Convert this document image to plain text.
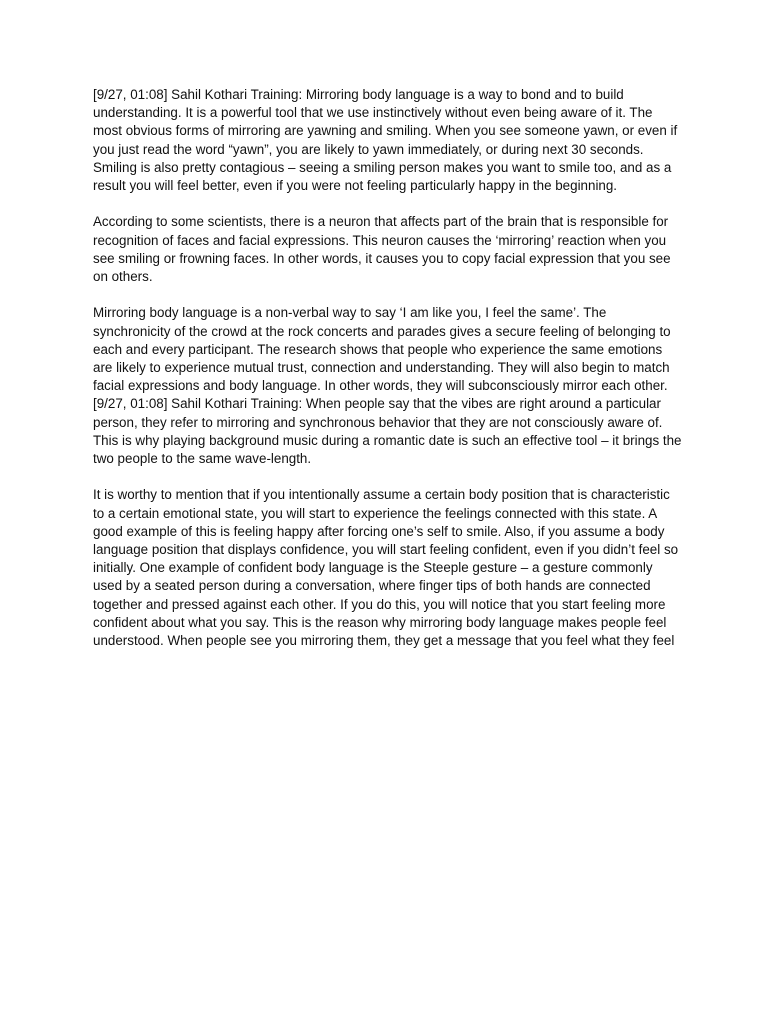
[9/27, 01:08] Sahil Kothari Training: Mirroring body language is a way to bond and to build understanding. It is a powerful tool that we use instinctively without even being aware of it. The most obvious forms of mirroring are yawning and smiling. When you see someone yawn, or even if you just read the word “yawn”, you are likely to yawn immediately, or during next 30 seconds. Smiling is also pretty contagious – seeing a smiling person makes you want to smile too, and as a result you will feel better, even if you were not feeling particularly happy in the beginning.

According to some scientists, there is a neuron that affects part of the brain that is responsible for recognition of faces and facial expressions. This neuron causes the ‘mirroring’ reaction when you see smiling or frowning faces. In other words, it causes you to copy facial expression that you see on others.

Mirroring body language is a non-verbal way to say ‘I am like you, I feel the same’. The synchronicity of the crowd at the rock concerts and parades gives a secure feeling of belonging to each and every participant. The research shows that people who experience the same emotions are likely to experience mutual trust, connection and understanding. They will also begin to match facial expressions and body language. In other words, they will subconsciously mirror each other.

[9/27, 01:08] Sahil Kothari Training: When people say that the vibes are right around a particular person, they refer to mirroring and synchronous behavior that they are not consciously aware of. This is why playing background music during a romantic date is such an effective tool – it brings the two people to the same wave-length.

It is worthy to mention that if you intentionally assume a certain body position that is characteristic to a certain emotional state, you will start to experience the feelings connected with this state. A good example of this is feeling happy after forcing one’s self to smile. Also, if you assume a body language position that displays confidence, you will start feeling confident, even if you didn’t feel so initially. One example of confident body language is the Steeple gesture – a gesture commonly used by a seated person during a conversation, where finger tips of both hands are connected together and pressed against each other. If you do this, you will notice that you start feeling more confident about what you say. This is the reason why mirroring body language makes people feel understood. When people see you mirroring them, they get a message that you feel what they feel
